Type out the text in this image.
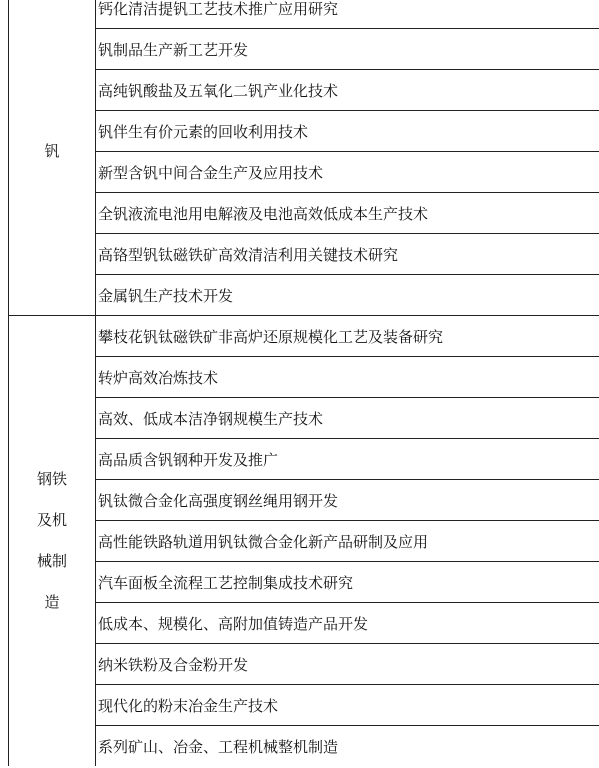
钒
钙化清洁提钒工艺技术推广应用研究
钒制品生产新工艺开发
高纯钒酸盐及五氧化二钒产业化技术
钒伴生有价元素的回收利用技术
新型含钒中间合金生产及应用技术
全钒液流电池用电解液及电池高效低成本生产技术
高铬型钒钛磁铁矿高效清洁利用关键技术研究
金属钒生产技术开发
钢铁及机械制造
攀枝花钒钛磁铁矿非高炉还原规模化工艺及装备研究
转炉高效冶炼技术
高效、低成本洁净钢规模生产技术
高品质含钒钢种开发及推广
钒钛微合金化高强度钢丝绳用钢开发
高性能铁路轨道用钒钛微合金化新产品研制及应用
汽车面板全流程工艺控制集成技术研究
低成本、规模化、高附加值铸造产品开发
纳米铁粉及合金粉开发
现代化的粉末冶金生产技术
系列矿山、冶金、工程机械整机制造
